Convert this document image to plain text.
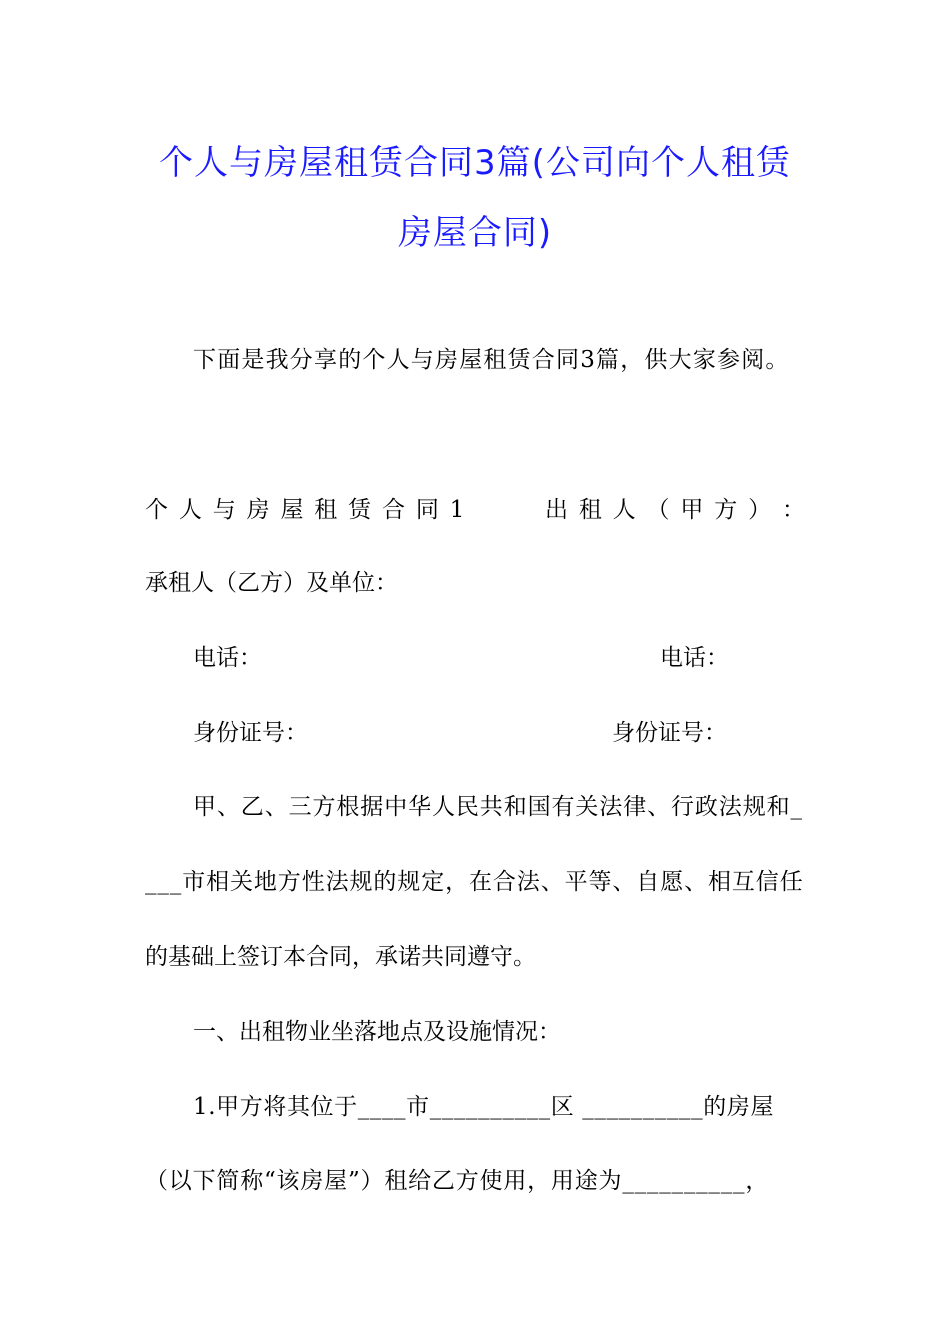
个人与房屋租赁合同3篇(公司向个人租赁
房屋合同)
下面是我分享的个人与房屋租赁合同3篇，供大家参阅。
个 人 与 房 屋 租 赁 合 同 1	出 租 人 （ 甲 方 ） ：
承租人（乙方）及单位：
电话：	电话：
身份证号：	身份证号：
甲、乙、三方根据中华人民共和国有关法律、行政法规和_
___市相关地方性法规的规定，在合法、平等、自愿、相互信任
的基础上签订本合同，承诺共同遵守。
一、出租物业坐落地点及设施情况：
1.甲方将其位于____市__________区 __________的房屋
（以下简称“该房屋”）租给乙方使用，用途为__________，
